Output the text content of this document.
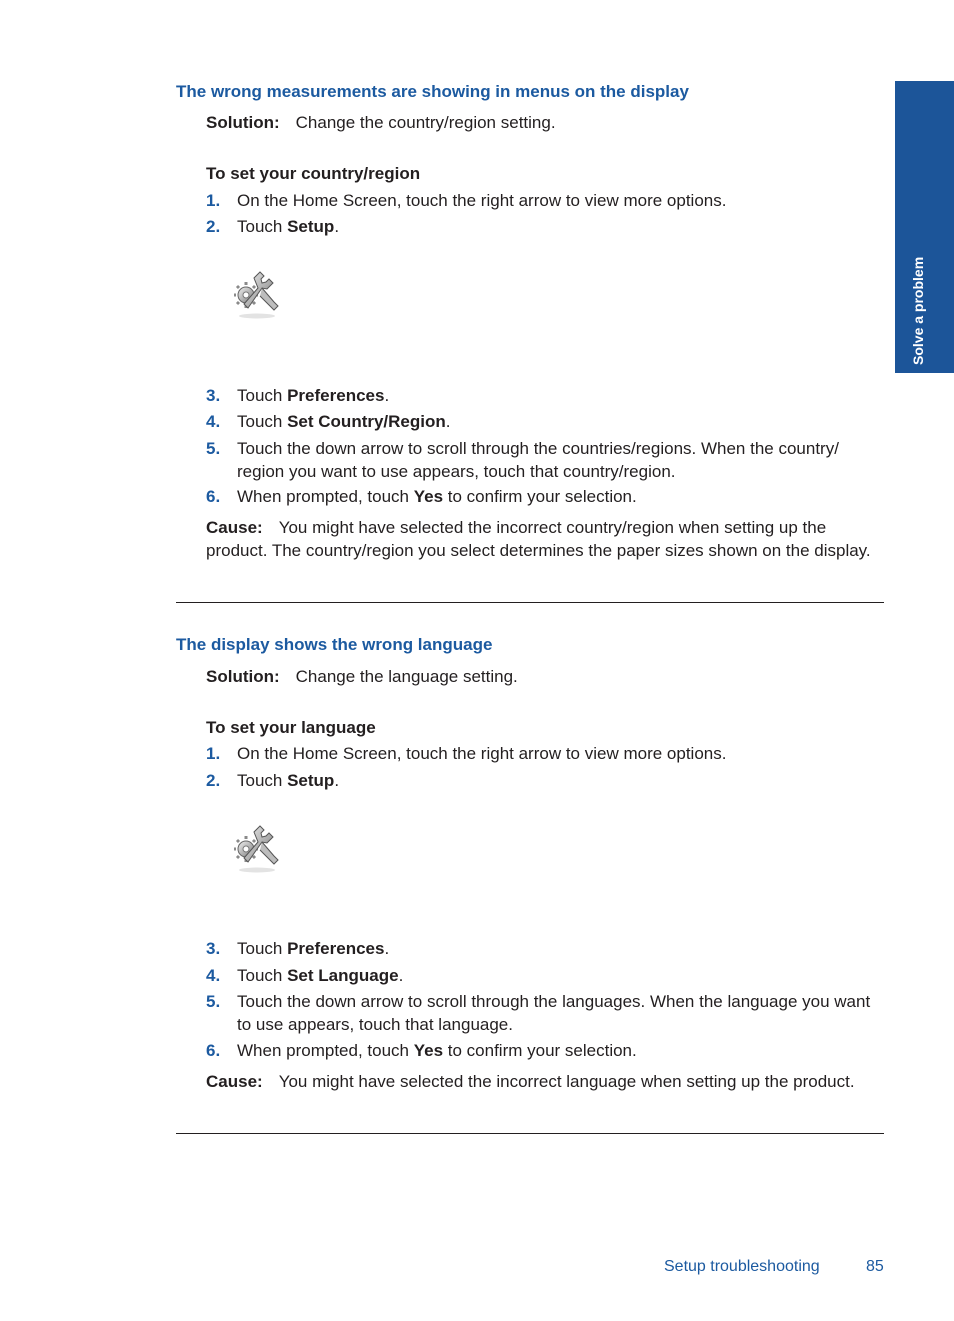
Solve a problem
The wrong measurements are showing in menus on the display
Solution: Change the country/region setting.
To set your country/region
1. On the Home Screen, touch the right arrow to view more options.
2. Touch Setup.
3. Touch Preferences.
4. Touch Set Country/Region.
5. Touch the down arrow to scroll through the countries/regions. When the country/ region you want to use appears, touch that country/region.
6. When prompted, touch Yes to confirm your selection.
Cause: You might have selected the incorrect country/region when setting up the product. The country/region you select determines the paper sizes shown on the display.
The display shows the wrong language
Solution: Change the language setting.
To set your language
1. On the Home Screen, touch the right arrow to view more options.
2. Touch Setup.
3. Touch Preferences.
4. Touch Set Language.
5. Touch the down arrow to scroll through the languages. When the language you want to use appears, touch that language.
6. When prompted, touch Yes to confirm your selection.
Cause: You might have selected the incorrect language when setting up the product.
Setup troubleshooting	85
